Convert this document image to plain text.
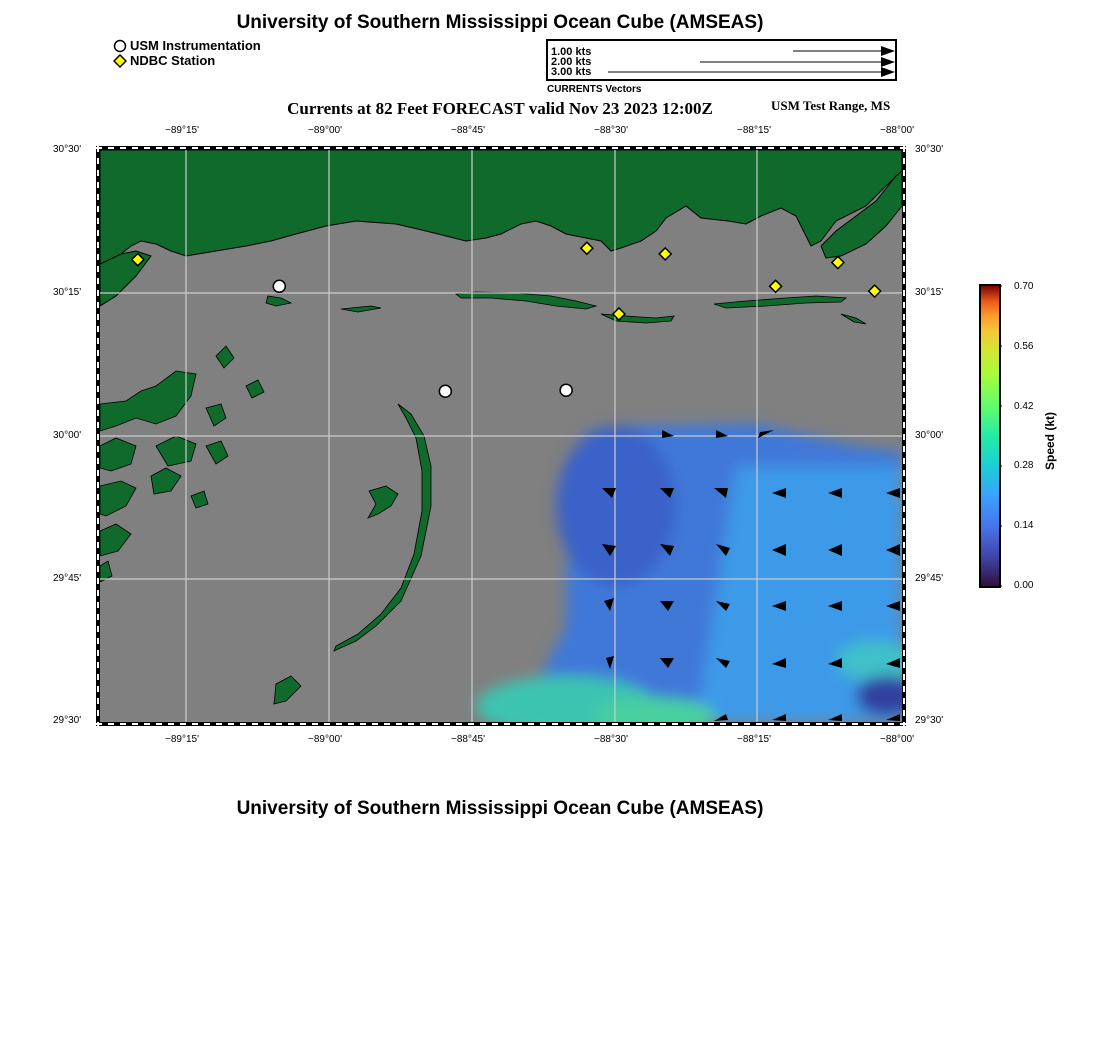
University of Southern Mississippi Ocean Cube (AMSEAS)
USM Instrumentation
NDBC Station
1.00 kts
2.00 kts
3.00 kts
CURRENTS Vectors
Currents at 82 Feet FORECAST valid Nov 23 2023 12:00Z	USM Test Range, MS
−89°15'	−89°00'	−88°45'	−88°30'	−88°15'	−88°00'
−89°15'	−89°00'	−88°45'	−88°30'	−88°15'	−88°00'
30°30'
30°15'
30°00'
29°45'
29°30'
30°30'
30°15'
30°00'
29°45'
29°30'
0.70
0.56
0.42
0.28
0.14
0.00
Speed (kt)
University of Southern Mississippi Ocean Cube (AMSEAS)
